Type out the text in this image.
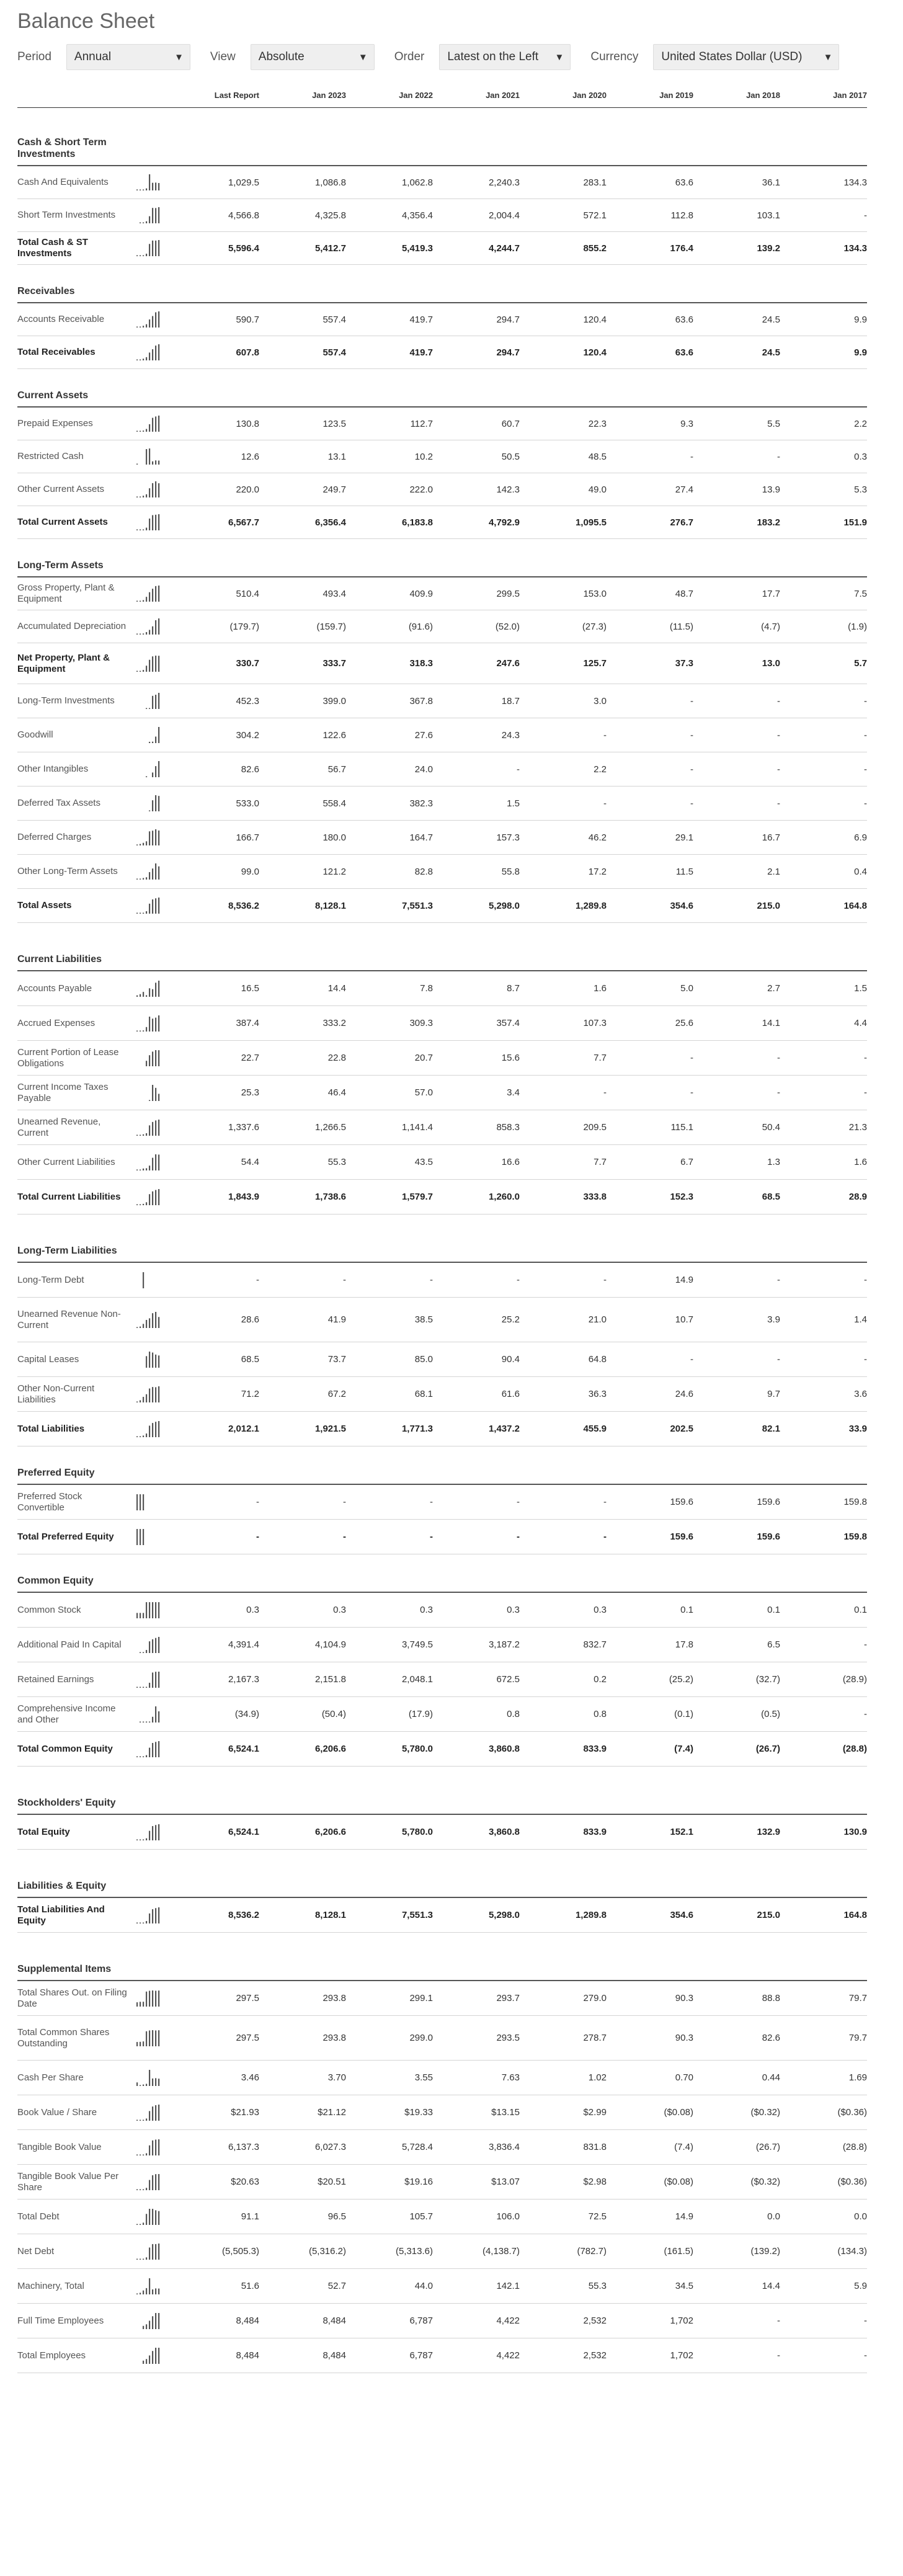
Balance Sheet
Period Annual	▼ View Absolute	▼ Order Latest on the Left ▼ Currency United States Dollar (USD) ▼
Last Report	Jan 2023	Jan 2022	Jan 2021	Jan 2020	Jan 2019	Jan 2018	Jan 2017
Cash & Short Term Investments
Cash And Equivalents	1,029.5	1,086.8	1,062.8	2,240.3	283.1	63.6	36.1	134.3
Short Term Investments	4,566.8	4,325.8	4,356.4	2,004.4	572.1	112.8	103.1	-
Total Cash & ST Investments	5,596.4	5,412.7	5,419.3	4,244.7	855.2	176.4	139.2	134.3
Receivables
Accounts Receivable	590.7	557.4	419.7	294.7	120.4	63.6	24.5	9.9
Total Receivables	607.8	557.4	419.7	294.7	120.4	63.6	24.5	9.9
Current Assets
Prepaid Expenses	130.8	123.5	112.7	60.7	22.3	9.3	5.5	2.2
Restricted Cash	12.6	13.1	10.2	50.5	48.5	-	-	0.3
Other Current Assets	220.0	249.7	222.0	142.3	49.0	27.4	13.9	5.3
Total Current Assets	6,567.7	6,356.4	6,183.8	4,792.9	1,095.5	276.7	183.2	151.9
Long-Term Assets
Gross Property, Plant & Equipment	510.4	493.4	409.9	299.5	153.0	48.7	17.7	7.5
Accumulated Depreciation	(179.7)	(159.7)	(91.6)	(52.0)	(27.3)	(11.5)	(4.7)	(1.9)
Net Property, Plant & Equipment	330.7	333.7	318.3	247.6	125.7	37.3	13.0	5.7
Long-Term Investments	452.3	399.0	367.8	18.7	3.0	-	-	-
Goodwill	304.2	122.6	27.6	24.3	-	-	-	-
Other Intangibles	82.6	56.7	24.0	-	2.2	-	-	-
Deferred Tax Assets	533.0	558.4	382.3	1.5	-	-	-	-
Deferred Charges	166.7	180.0	164.7	157.3	46.2	29.1	16.7	6.9
Other Long-Term Assets	99.0	121.2	82.8	55.8	17.2	11.5	2.1	0.4
Total Assets	8,536.2	8,128.1	7,551.3	5,298.0	1,289.8	354.6	215.0	164.8
Current Liabilities
Accounts Payable	16.5	14.4	7.8	8.7	1.6	5.0	2.7	1.5
Accrued Expenses	387.4	333.2	309.3	357.4	107.3	25.6	14.1	4.4
Current Portion of Lease Obligations	22.7	22.8	20.7	15.6	7.7	-	-	-
Current Income Taxes Payable	25.3	46.4	57.0	3.4	-	-	-	-
Unearned Revenue, Current	1,337.6	1,266.5	1,141.4	858.3	209.5	115.1	50.4	21.3
Other Current Liabilities	54.4	55.3	43.5	16.6	7.7	6.7	1.3	1.6
Total Current Liabilities	1,843.9	1,738.6	1,579.7	1,260.0	333.8	152.3	68.5	28.9
Long-Term Liabilities
Long-Term Debt	-	-	-	-	-	14.9	-	-
Unearned Revenue Non-Current	28.6	41.9	38.5	25.2	21.0	10.7	3.9	1.4
Capital Leases	68.5	73.7	85.0	90.4	64.8	-	-	-
Other Non-Current Liabilities	71.2	67.2	68.1	61.6	36.3	24.6	9.7	3.6
Total Liabilities	2,012.1	1,921.5	1,771.3	1,437.2	455.9	202.5	82.1	33.9
Preferred Equity
Preferred Stock Convertible	-	-	-	-	-	159.6	159.6	159.8
Total Preferred Equity	-	-	-	-	-	159.6	159.6	159.8
Common Equity
Common Stock	0.3	0.3	0.3	0.3	0.3	0.1	0.1	0.1
Additional Paid In Capital	4,391.4	4,104.9	3,749.5	3,187.2	832.7	17.8	6.5	-
Retained Earnings	2,167.3	2,151.8	2,048.1	672.5	0.2	(25.2)	(32.7)	(28.9)
Comprehensive Income and Other	(34.9)	(50.4)	(17.9)	0.8	0.8	(0.1)	(0.5)	-
Total Common Equity	6,524.1	6,206.6	5,780.0	3,860.8	833.9	(7.4)	(26.7)	(28.8)
Stockholders' Equity
Total Equity	6,524.1	6,206.6	5,780.0	3,860.8	833.9	152.1	132.9	130.9
Liabilities & Equity
Total Liabilities And Equity	8,536.2	8,128.1	7,551.3	5,298.0	1,289.8	354.6	215.0	164.8
Supplemental Items
Total Shares Out. on Filing Date	297.5	293.8	299.1	293.7	279.0	90.3	88.8	79.7
Total Common Shares Outstanding	297.5	293.8	299.0	293.5	278.7	90.3	82.6	79.7
Cash Per Share	3.46	3.70	3.55	7.63	1.02	0.70	0.44	1.69
Book Value / Share	$21.93	$21.12	$19.33	$13.15	$2.99	($0.08)	($0.32)	($0.36)
Tangible Book Value	6,137.3	6,027.3	5,728.4	3,836.4	831.8	(7.4)	(26.7)	(28.8)
Tangible Book Value Per Share	$20.63	$20.51	$19.16	$13.07	$2.98	($0.08)	($0.32)	($0.36)
Total Debt	91.1	96.5	105.7	106.0	72.5	14.9	0.0	0.0
Net Debt	(5,505.3)	(5,316.2)	(5,313.6)	(4,138.7)	(782.7)	(161.5)	(139.2)	(134.3)
Machinery, Total	51.6	52.7	44.0	142.1	55.3	34.5	14.4	5.9
Full Time Employees	8,484	8,484	6,787	4,422	2,532	1,702	-	-
Total Employees	8,484	8,484	6,787	4,422	2,532	1,702	-	-
